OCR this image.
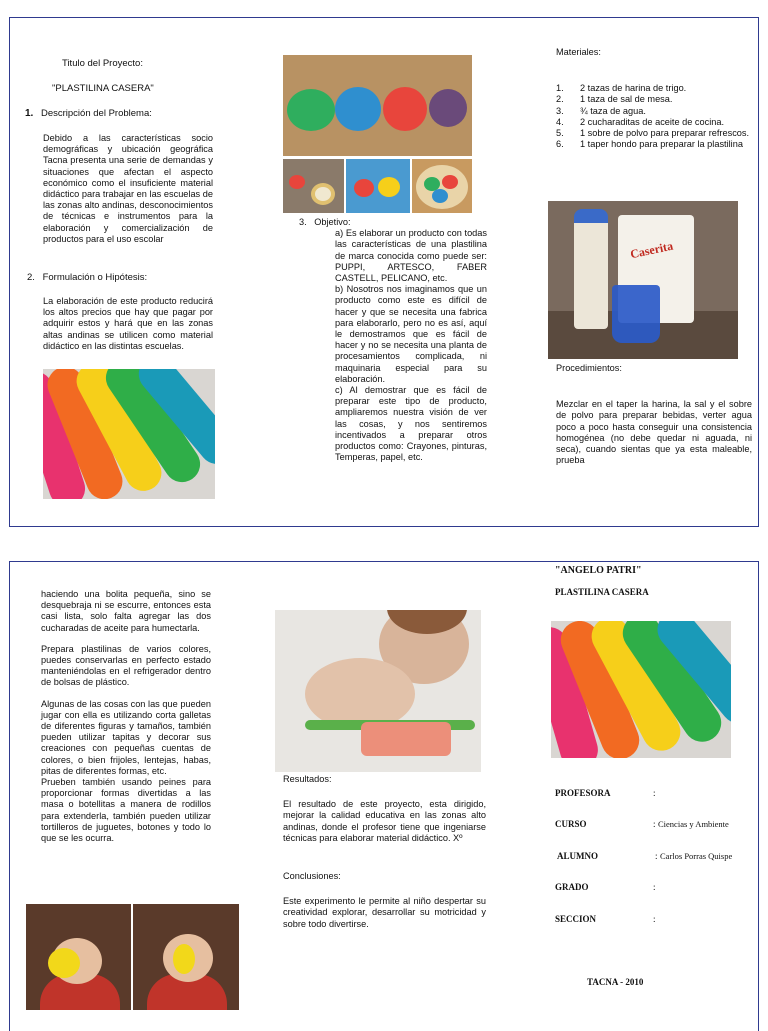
Titulo del Proyecto:
"PLASTILINA CASERA"
1. Descripción del Problema:

Debido a las características socio demográficas y ubicación geográfica Tacna presenta una serie de demandas y situaciones que afectan el aspecto económico como el insuficiente material didáctico para trabajar en las escuelas de las zonas alto andinas, desconocimientos de técnicas e instrumentos para la elaboración y comercialización de productos para el uso escolar

2. Formulación o Hipótesis:

La elaboración de este producto reducirá los altos precios que hay que pagar por adquirir estos y hará que en las zonas altas andinas se utilicen como material didáctico en las distintas escuelas.

3. Objetivo:

a) Es elaborar un producto con todas las características de una plastilina de marca conocida como puede ser: PUPPI, ARTESCO, FABER CASTELL, PELICANO, etc.

b) Nosotros nos imaginamos que un producto como este es difícil de hacer y que se necesita una fabrica para elaborarlo, pero no es así, aquí le demostramos que es fácil de hacer y no se necesita una planta de procesamientos complicada, ni maquinaria especial para su elaboración.

c) Al demostrar que es fácil de preparar este tipo de producto, ampliaremos nuestra visión de ver las cosas, y nos sentiremos incentivados a preparar otros productos como: Crayones, pinturas, Temperas, papel, etc.

Materiales:
1. 2 tazas de harina de trigo.
2. 1 taza de sal de mesa.
3. ¾ taza de agua.
4. 2 cucharaditas de aceite de cocina.
5. 1 sobre de polvo para preparar refrescos.
6. 1 taper hondo para preparar la plastilina
Caserita
Procedimientos:

Mezclar en el taper la harina, la sal y el sobre de polvo para preparar bebidas, verter agua poco a poco hasta conseguir una consistencia homogénea (no debe quedar ni aguada, ni seca), cuando sientas que ya esta maleable, prueba

haciendo una bolita pequeña, sino se desquebraja ni se escurre, entonces esta casi lista, solo falta agregar las dos cucharadas de aceite para humectarla.

Prepara plastilinas de varios colores, puedes conservarlas en perfecto estado manteniéndolas en el refrigerador dentro de bolsas de plástico.

Algunas de las cosas con las que pueden jugar con ella es utilizando corta galletas de diferentes figuras y tamaños, también pueden utilizar tapitas y decorar sus creaciones con pequeñas cuentas de colores, o bien frijoles, lentejas, habas, pitas de diferentes formas, etc.

Prueben también usando peines para proporcionar formas divertidas a las masa o botellitas a manera de rodillos para extenderla, también pueden utilizar tortilleros de juguetes, botones y todo lo que se les ocurra.

Resultados:

El resultado de este proyecto, esta dirigido, mejorar la calidad educativa en las zonas alto andinas, donde el profesor tiene que ingeniarse técnicas para elaborar material didáctico. Xº

Conclusiones:

Este experimento le permite al niño despertar su creatividad explorar, desarrollar su motricidad y sobre todo divertirse.

"ANGELO PATRI"
PLASTILINA CASERA
PROFESORA	:
CURSO	: Ciencias y Ambiente
ALUMNO	: Carlos Porras Quispe
GRADO	:
SECCION	:
TACNA - 2010
